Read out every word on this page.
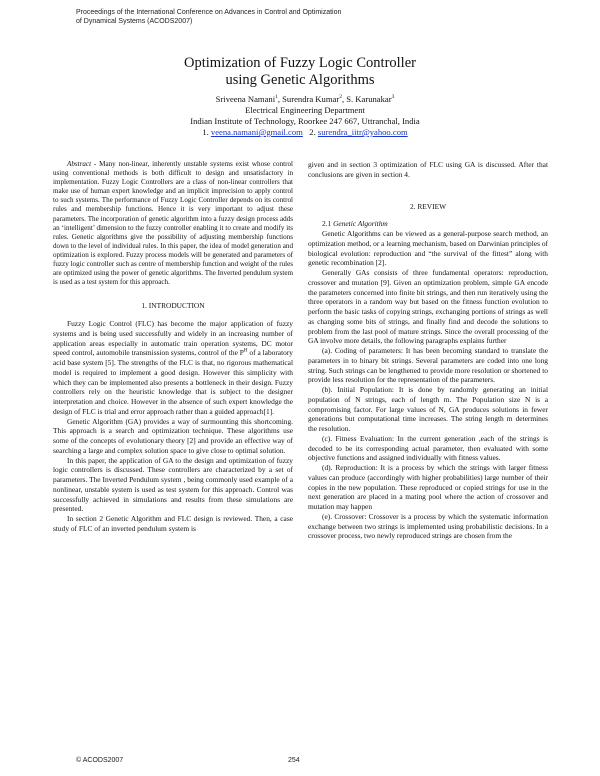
Proceedings of the International Conference on Advances in Control and Optimization
of Dynamical Systems (ACODS2007)
Optimization of Fuzzy Logic Controller
using Genetic Algorithms
Sriveena Namani$^1$, Surendra Kumar$^2$, S. Karunakar$^3$
Electrical Engineering Department
Indian Institute of Technology, Roorkee 247 667, Uttranchal, India
1. veena.namani@gmail.com 2. surendra_iitr@yahoo.com

Abstract - Many non-linear, inherently unstable systems exist whose control using conventional methods is both difficult to design and unsatisfactory in implementation. Fuzzy Logic Controllers are a class of non-linear controllers that make use of human expert knowledge and an implicit imprecision to apply control to such systems. The performance of Fuzzy Logic Controller depends on its control rules and membership functions. Hence it is very important to adjust these parameters. The incorporation of genetic algorithm into a fuzzy design process adds an ‘intelligent’ dimension to the fuzzy controller enabling it to create and modify its rules. Genetic algorithms give the possibility of adjusting membership functions down to the level of individual rules. In this paper, the idea of model generation and optimization is explored. Fuzzy process models will be generated and parameters of fuzzy logic controller such as centre of membership function and weight of the rules are optimized using the power of genetic algorithms. The Inverted pendulum system is used as a test system for this approach.

1. INTRODUCTION

Fuzzy Logic Control (FLC) has become the major application of fuzzy systems and is being used successfully and widely in an increasing number of application areas especially in automatic train operation systems, DC motor speed control, automobile transmission systems, control of the $P^H$ of a laboratory acid base system [5]. The strengths of the FLC is that, no rigorous mathematical model is required to implement a good design. However this simplicity with which they can be implemented also presents a bottleneck in their design. Fuzzy controllers rely on the heuristic knowledge that is subject to the designer interpretation and choice. However in the absence of such expert knowledge the design of FLC is trial and error approach rather than a guided approach[1].

Genetic Algorithm (GA) provides a way of surmounting this shortcoming. This approach is a search and optimization technique. These algorithms use some of the concepts of evolutionary theory [2] and provide an effective way of searching a large and complex solution space to give close to optimal solution.

In this paper, the application of GA to the design and optimization of fuzzy logic controllers is discussed. These controllers are characterized by a set of parameters. The Inverted Pendulum system , being commonly used example of a nonlinear, unstable system is used as test system for this approach. Control was successfully achieved in simulations and results from these simulations are presented.

In section 2 Genetic Algorithm and FLC design is reviewed. Then, a case study of FLC of an inverted pendulum system is

given and in section 3 optimization of FLC using GA is discussed. After that conclusions are given in section 4.

2. REVIEW

2.1 Genetic Algorithm

Genetic Algorithms can be viewed as a general-purpose search method, an optimization method, or a learning mechanism, based on Darwinian principles of biological evolution: reproduction and “the survival of the fittest” along with genetic recombination [2].

Generally GAs consists of three fundamental operators: reproduction, crossover and mutation [9]. Given an optimization problem, simple GA encode the parameters concerned into finite bit strings, and then run iteratively using the three operators in a random way but based on the fitness function evolution to perform the basic tasks of copying strings, exchanging portions of strings as well as changing some bits of strings, and finally find and decode the solutions to problem from the last pool of mature strings. Since the overall processing of the GA involve more details, the following paragraphs explains further

(a). Coding of parameters: It has been becoming standard to translate the parameters in to binary bit strings. Several parameters are coded into one long string. Such strings can be lengthened to provide more resolution or shortened to provide less resolution for the representation of the parameters.

(b). Initial Population: It is done by randomly generating an initial population of N strings, each of length m. The Population size N is a compromising factor. For large values of N, GA produces solutions in fewer generations but computational time increases. The string length m determines the resolution.

(c). Fitness Evaluation: In the current generation ,each of the strings is decoded to be its corresponding actual parameter, then evaluated with some objective functions and assigned individually with fitness values.

(d). Reproduction: It is a process by which the strings with larger fitness values can produce (accordingly with higher probabilities) large number of their copies in the new population. These reproduced or copied strings for use in the next generation are placed in a mating pool where the action of crossover and mutation may happen

(e). Crossover: Crossover is a process by which the systematic information exchange between two strings is implemented using probabilistic decisions. In a crossover process, two newly reproduced strings are chosen from the

© ACODS2007	254
